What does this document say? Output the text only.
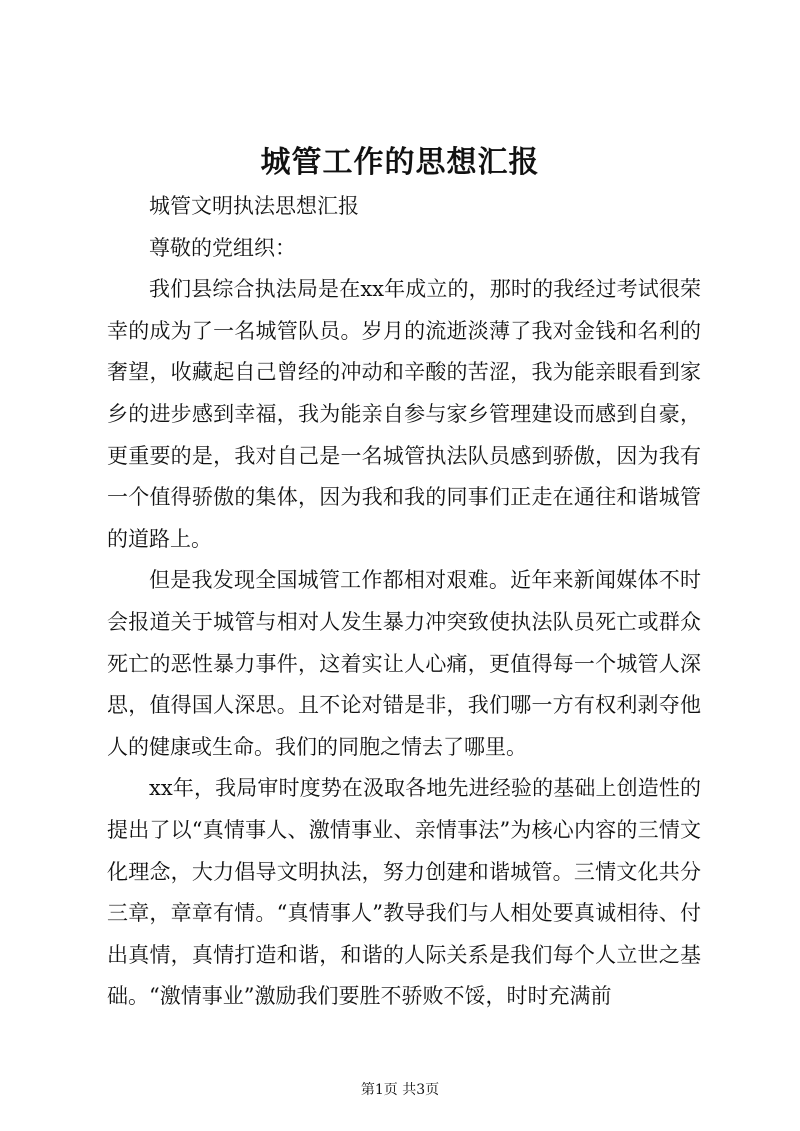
城管工作的思想汇报

城管文明执法思想汇报

尊敬的党组织：

我们县综合执法局是在xx年成立的，那时的我经过考试很荣幸的成为了一名城管队员。岁月的流逝淡薄了我对金钱和名利的奢望，收藏起自己曾经的冲动和辛酸的苦涩，我为能亲眼看到家乡的进步感到幸福，我为能亲自参与家乡管理建设而感到自豪，更重要的是，我对自己是一名城管执法队员感到骄傲，因为我有一个值得骄傲的集体，因为我和我的同事们正走在通往和谐城管的道路上。

但是我发现全国城管工作都相对艰难。近年来新闻媒体不时会报道关于城管与相对人发生暴力冲突致使执法队员死亡或群众死亡的恶性暴力事件，这着实让人心痛，更值得每一个城管人深思，值得国人深思。且不论对错是非，我们哪一方有权利剥夺他人的健康或生命。我们的同胞之情去了哪里。

xx年，我局审时度势在汲取各地先进经验的基础上创造性的提出了以“真情事人、激情事业、亲情事法”为核心内容的三情文化理念，大力倡导文明执法，努力创建和谐城管。三情文化共分三章，章章有情。“真情事人”教导我们与人相处要真诚相待、付出真情，真情打造和谐，和谐的人际关系是我们每个人立世之基础。“激情事业”激励我们要胜不骄败不馁，时时充满前

第1页 共3页
